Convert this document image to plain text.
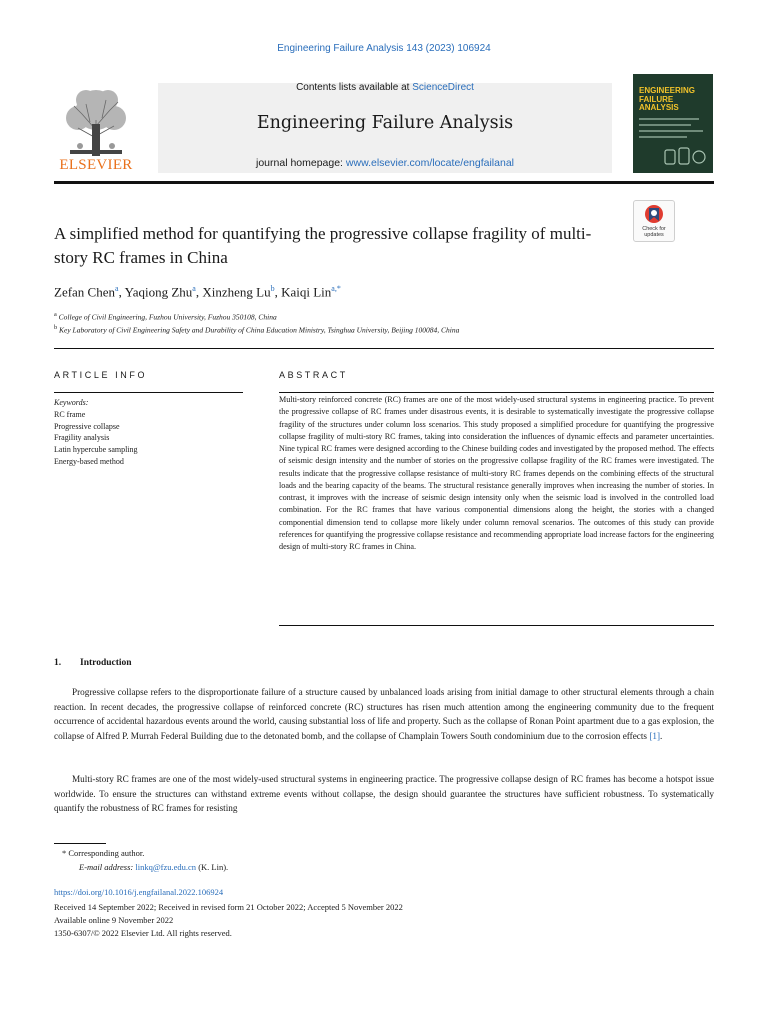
Engineering Failure Analysis 143 (2023) 106924
ELSEVIER
Contents lists available at ScienceDirect
Engineering Failure Analysis
journal homepage: www.elsevier.com/locate/engfailanal
ENGINEERING
FAILURE
ANALYSIS
Check for
updates
A simplified method for quantifying the progressive collapse fragility of multi-story RC frames in China
Zefan Chen$^a$, Yaqiong Zhu$^a$, Xinzheng Lu$^b$, Kaiqi Lin$^{a,*}$
$^a$ College of Civil Engineering, Fuzhou University, Fuzhou 350108, China
$^b$ Key Laboratory of Civil Engineering Safety and Durability of China Education Ministry, Tsinghua University, Beijing 100084, China
ARTICLE INFO	ABSTRACT
Keywords:
RC frame
Progressive collapse
Fragility analysis
Latin hypercube sampling
Energy-based method
Multi-story reinforced concrete (RC) frames are one of the most widely-used structural systems in engineering practice. To prevent the progressive collapse of RC frames under disastrous events, it is desirable to systematically investigate the progressive collapse fragility of the structures under column loss scenarios. This study proposed a simplified procedure for quantifying the progressive collapse fragility of multi-story RC frames, taking into consideration the influences of dynamic effects and parameter uncertainties. Nine typical RC frames were designed according to the Chinese building codes and investigated by the proposed method. The effects of seismic design intensity and the number of stories on the progressive collapse fragility of the RC frames were investigated. The results indicate that the progressive collapse resistance of multi-story RC frames depends on the combining effects of the structural loads and the bearing capacity of the beams. The structural resistance generally improves when increasing the number of stories. In contrast, it improves with the increase of seismic design intensity only when the seismic load is involved in the controlled load combination. For the RC frames that have various componential dimensions along the height, the stories with a changed componential dimension tend to collapse more likely under column removal scenarios. The outcomes of this study can provide references for quantifying the progressive collapse resistance and recommending appropriate load increase factors for the engineering design of multi-story RC frames in China.
1. Introduction
Progressive collapse refers to the disproportionate failure of a structure caused by unbalanced loads arising from initial damage to other structural elements through a chain reaction. In recent decades, the progressive collapse of reinforced concrete (RC) structures has risen much attention among the engineering community due to the frequent occurrence of accidental hazardous events around the world, causing substantial loss of life and property. Such as the collapse of Ronan Point apartment due to a gas explosion, the collapse of Alfred P. Murrah Federal Building due to the detonated bomb, and the collapse of Champlain Towers South condominium due to the corrosion effects [1].
Multi-story RC frames are one of the most widely-used structural systems in engineering practice. The progressive collapse design of RC frames has become a hotspot issue worldwide. To ensure the structures can withstand extreme events without collapse, the design should guarantee the structures have sufficient robustness. To systematically quantify the robustness of RC frames for resisting
* Corresponding author.
E-mail address: linkq@fzu.edu.cn (K. Lin).
https://doi.org/10.1016/j.engfailanal.2022.106924
Received 14 September 2022; Received in revised form 21 October 2022; Accepted 5 November 2022
Available online 9 November 2022
1350-6307/© 2022 Elsevier Ltd. All rights reserved.
